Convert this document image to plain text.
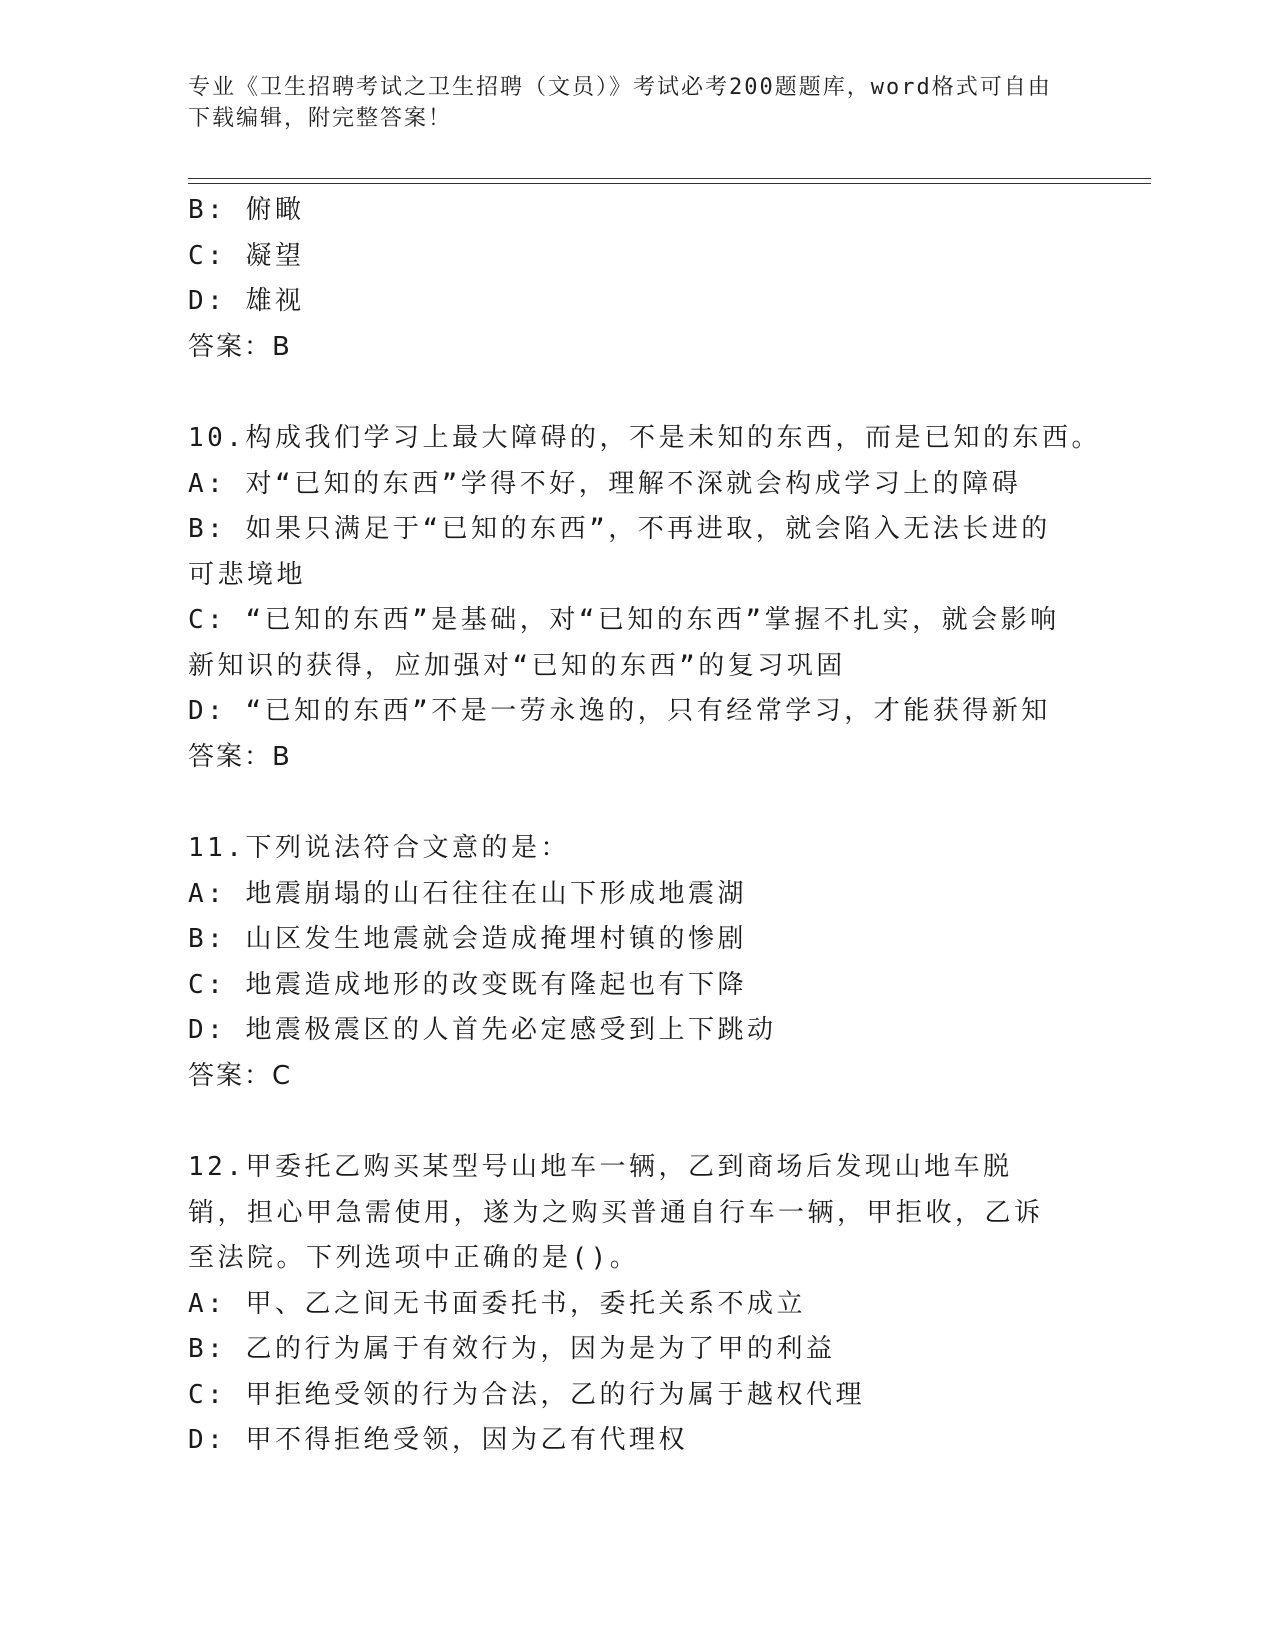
专业《卫生招聘考试之卫生招聘（文员）》考试必考200题题库，word格式可自由下载编辑，附完整答案！
B: 俯瞰
C: 凝望
D: 雄视
答案：B
10.构成我们学习上最大障碍的，不是未知的东西，而是已知的东西。
A: 对“已知的东西”学得不好，理解不深就会构成学习上的障碍
B: 如果只满足于“已知的东西”，不再进取，就会陷入无法长进的可悲境地
C: “已知的东西”是基础，对“已知的东西”掌握不扎实，就会影响新知识的获得，应加强对“已知的东西”的复习巩固
D: “已知的东西”不是一劳永逸的，只有经常学习，才能获得新知
答案：B
11.下列说法符合文意的是：
A: 地震崩塌的山石往往在山下形成地震湖
B: 山区发生地震就会造成掩埋村镇的惨剧
C: 地震造成地形的改变既有隆起也有下降
D: 地震极震区的人首先必定感受到上下跳动
答案：C
12.甲委托乙购买某型号山地车一辆，乙到商场后发现山地车脱销，担心甲急需使用，遂为之购买普通自行车一辆，甲拒收，乙诉至法院。下列选项中正确的是()。
A: 甲、乙之间无书面委托书，委托关系不成立
B: 乙的行为属于有效行为，因为是为了甲的利益
C: 甲拒绝受领的行为合法，乙的行为属于越权代理
D: 甲不得拒绝受领，因为乙有代理权
